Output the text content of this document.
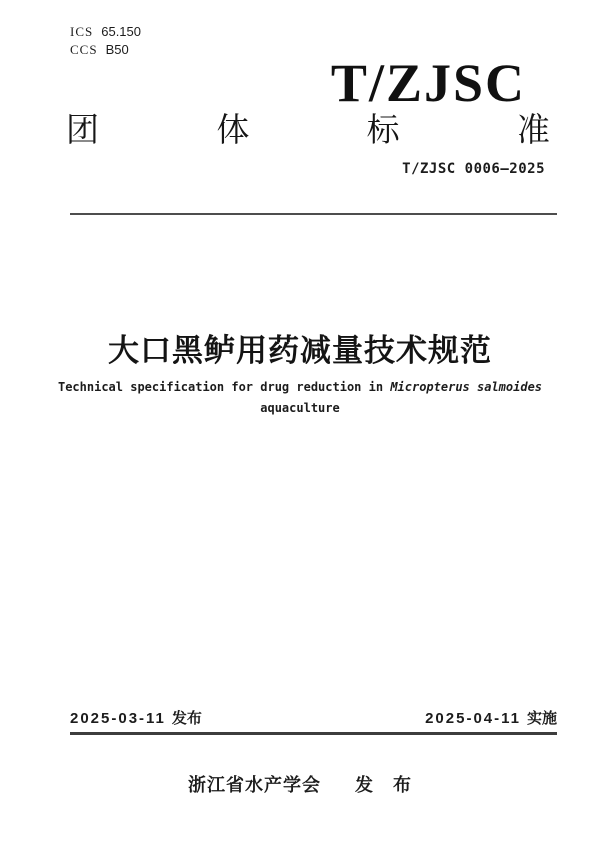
ICS 65.150
CCS B50
T/ZJSC
团	体	标	准
T/ZJSC 0006—2025
大口黑鲈用药减量技术规范
Technical specification for drug reduction in Micropterus salmoides
aquaculture
2025-03-11 发布	2025-04-11 实施
浙江省水产学会 发　布
